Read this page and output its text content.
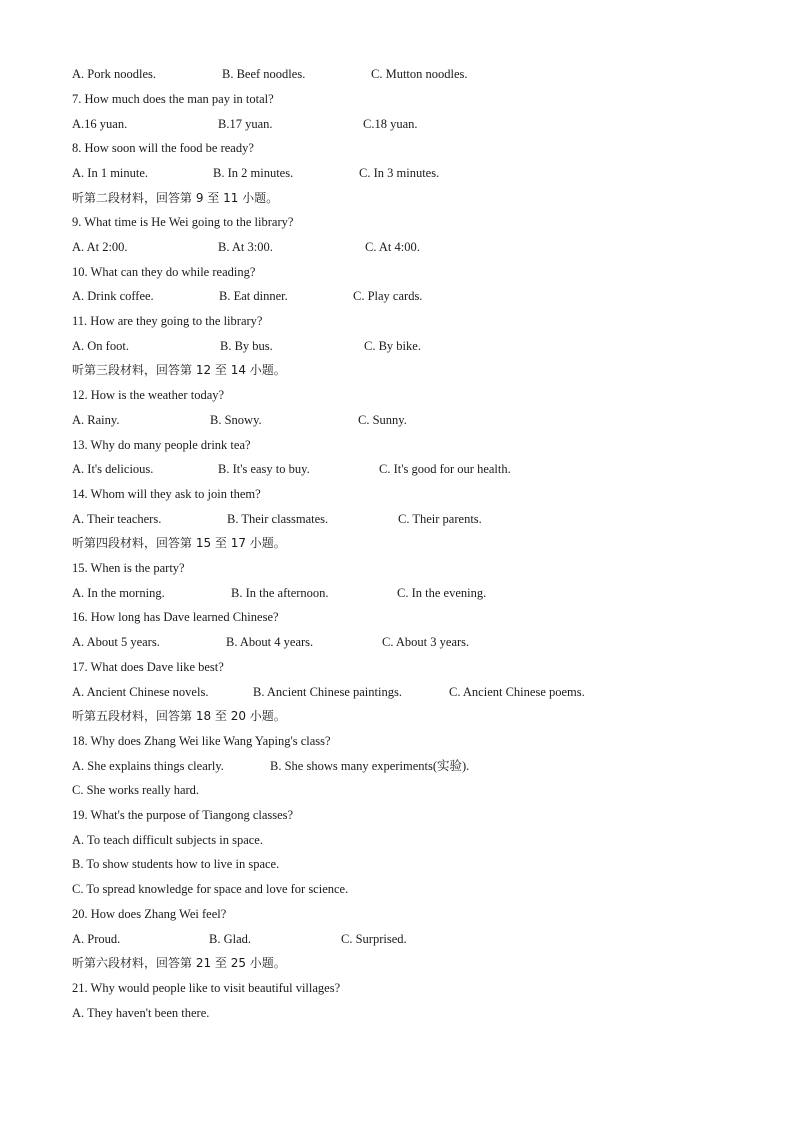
A. Pork noodles.	B. Beef noodles.	C. Mutton noodles.
7. How much does the man pay in total?
A.16 yuan.	B.17 yuan.	C.18 yuan.
8. How soon will the food be ready?
A. In 1 minute.	B. In 2 minutes.	C. In 3 minutes.
听第二段材料，回答第 9 至 11 小题。
9. What time is He Wei going to the library?
A. At 2:00.	B. At 3:00.	C. At 4:00.
10. What can they do while reading?
A. Drink coffee.	B. Eat dinner.	C. Play cards.
11. How are they going to the library?
A. On foot.	B. By bus.	C. By bike.
听第三段材料，回答第 12 至 14 小题。
12. How is the weather today?
A. Rainy.	B. Snowy.	C. Sunny.
13. Why do many people drink tea?
A. It's delicious.	B. It's easy to buy.	C. It's good for our health.
14. Whom will they ask to join them?
A. Their teachers.	B. Their classmates.	C. Their parents.
听第四段材料，回答第 15 至 17 小题。
15. When is the party?
A. In the morning.	B. In the afternoon.	C. In the evening.
16. How long has Dave learned Chinese?
A. About 5 years.	B. About 4 years.	C. About 3 years.
17. What does Dave like best?
A. Ancient Chinese novels.	B. Ancient Chinese paintings.	C. Ancient Chinese poems.
听第五段材料，回答第 18 至 20 小题。
18. Why does Zhang Wei like Wang Yaping's class?
A. She explains things clearly.	B. She shows many experiments(实验).
C. She works really hard.
19. What's the purpose of Tiangong classes?
A. To teach difficult subjects in space.
B. To show students how to live in space.
C. To spread knowledge for space and love for science.
20. How does Zhang Wei feel?
A. Proud.	B. Glad.	C. Surprised.
听第六段材料，回答第 21 至 25 小题。
21. Why would people like to visit beautiful villages?
A. They haven't been there.
